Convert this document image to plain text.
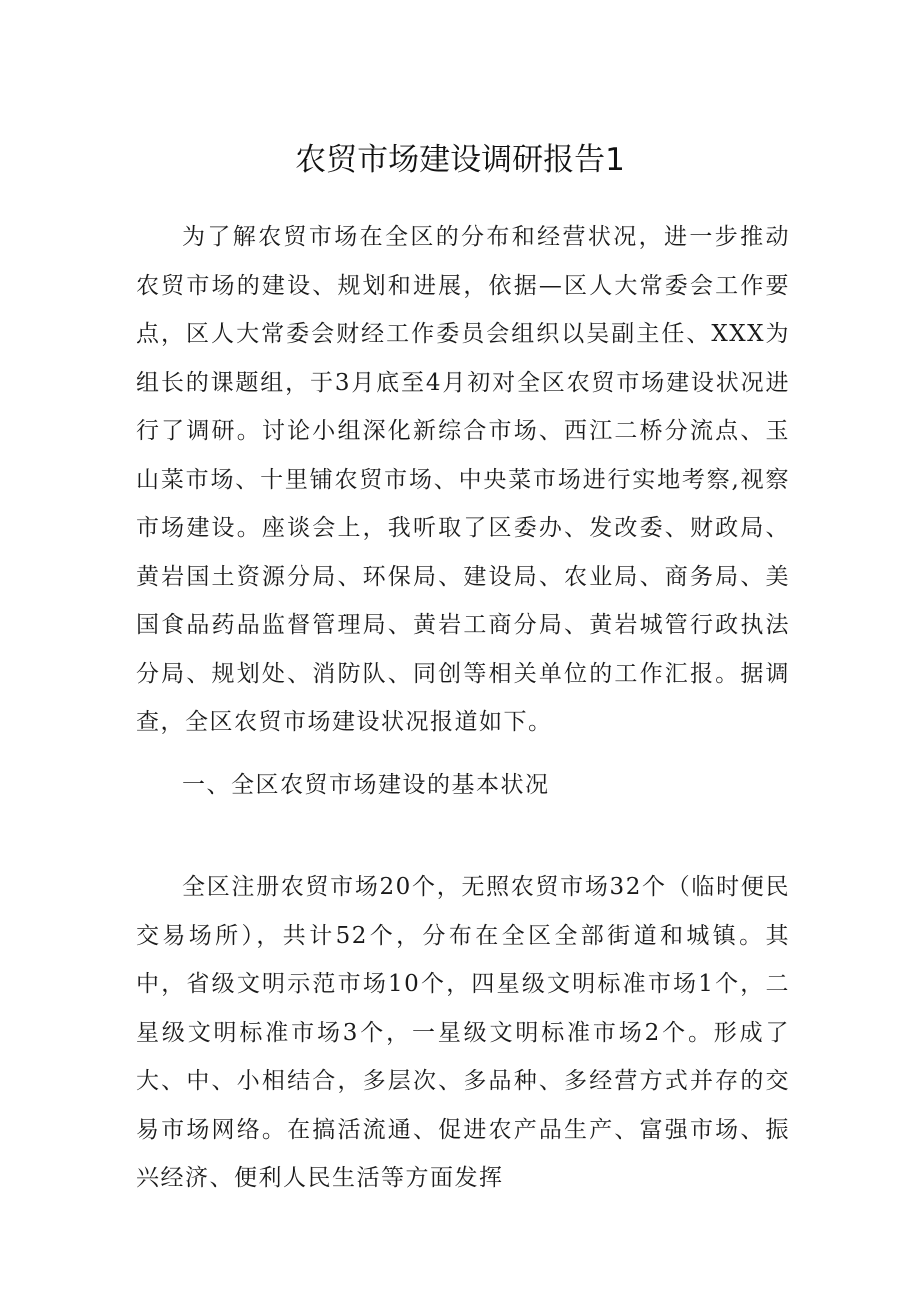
农贸市场建设调研报告1

为了解农贸市场在全区的分布和经营状况，进一步推动农贸市场的建设、规划和进展，依据—区人大常委会工作要点，区人大常委会财经工作委员会组织以吴副主任、XXX为组长的课题组，于3月底至4月初对全区农贸市场建设状况进行了调研。讨论小组深化新综合市场、西江二桥分流点、玉山菜市场、十里铺农贸市场、中央菜市场进行实地考察,视察市场建设。座谈会上，我听取了区委办、发改委、财政局、黄岩国土资源分局、环保局、建设局、农业局、商务局、美国食品药品监督管理局、黄岩工商分局、黄岩城管行政执法分局、规划处、消防队、同创等相关单位的工作汇报。据调查，全区农贸市场建设状况报道如下。

一、全区农贸市场建设的基本状况

全区注册农贸市场20个，无照农贸市场32个（临时便民交易场所），共计52个，分布在全区全部街道和城镇。其中，省级文明示范市场10个，四星级文明标准市场1个，二星级文明标准市场3个，一星级文明标准市场2个。形成了大、中、小相结合，多层次、多品种、多经营方式并存的交易市场网络。在搞活流通、促进农产品生产、富强市场、振兴经济、便利人民生活等方面发挥
